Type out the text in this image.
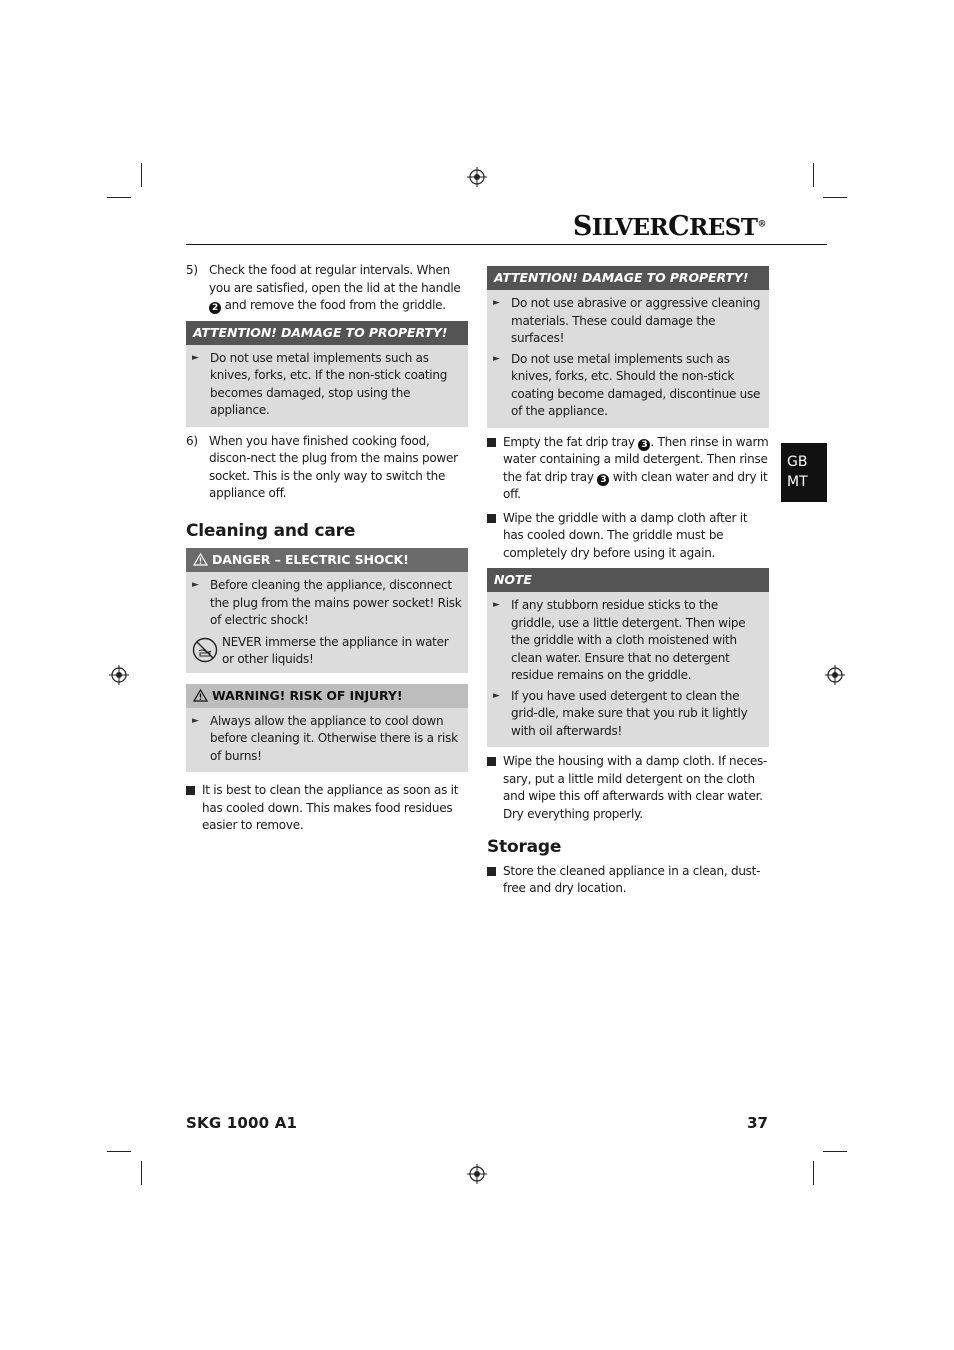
SILVERCREST®
GB
MT
5) Check the food at regular intervals. When you are satisfied, open the lid at the handle 2 and remove the food from the griddle.
ATTENTION! DAMAGE TO PROPERTY!
► Do not use metal implements such as knives, forks, etc. If the non-stick coating becomes damaged, stop using the appliance.
6) When you have finished cooking food, discon-nect the plug from the mains power socket. This is the only way to switch the appliance off.
Cleaning and care
DANGER – ELECTRIC SHOCK!
► Before cleaning the appliance, disconnect the plug from the mains power socket! Risk of electric shock!
NEVER immerse the appliance in water or other liquids!
WARNING! RISK OF INJURY!
► Always allow the appliance to cool down before cleaning it. Otherwise there is a risk of burns!
It is best to clean the appliance as soon as it has cooled down. This makes food residues easier to remove.
ATTENTION! DAMAGE TO PROPERTY!
► Do not use abrasive or aggressive cleaning materials. These could damage the surfaces!
► Do not use metal implements such as knives, forks, etc. Should the non-stick coating become damaged, discontinue use of the appliance.
Empty the fat drip tray 3 . Then rinse in warm water containing a mild detergent. Then rinse the fat drip tray 3 with clean water and dry it off.
Wipe the griddle with a damp cloth after it has cooled down. The griddle must be completely dry before using it again.
NOTE
► If any stubborn residue sticks to the griddle, use a little detergent. Then wipe the griddle with a cloth moistened with clean water. Ensure that no detergent residue remains on the griddle.
► If you have used detergent to clean the grid-dle, make sure that you rub it lightly with oil afterwards!
Wipe the housing with a damp cloth. If neces-sary, put a little mild detergent on the cloth and wipe this off afterwards with clear water. Dry everything properly.
Storage
Store the cleaned appliance in a clean, dust-free and dry location.
SKG 1000 A1	37
